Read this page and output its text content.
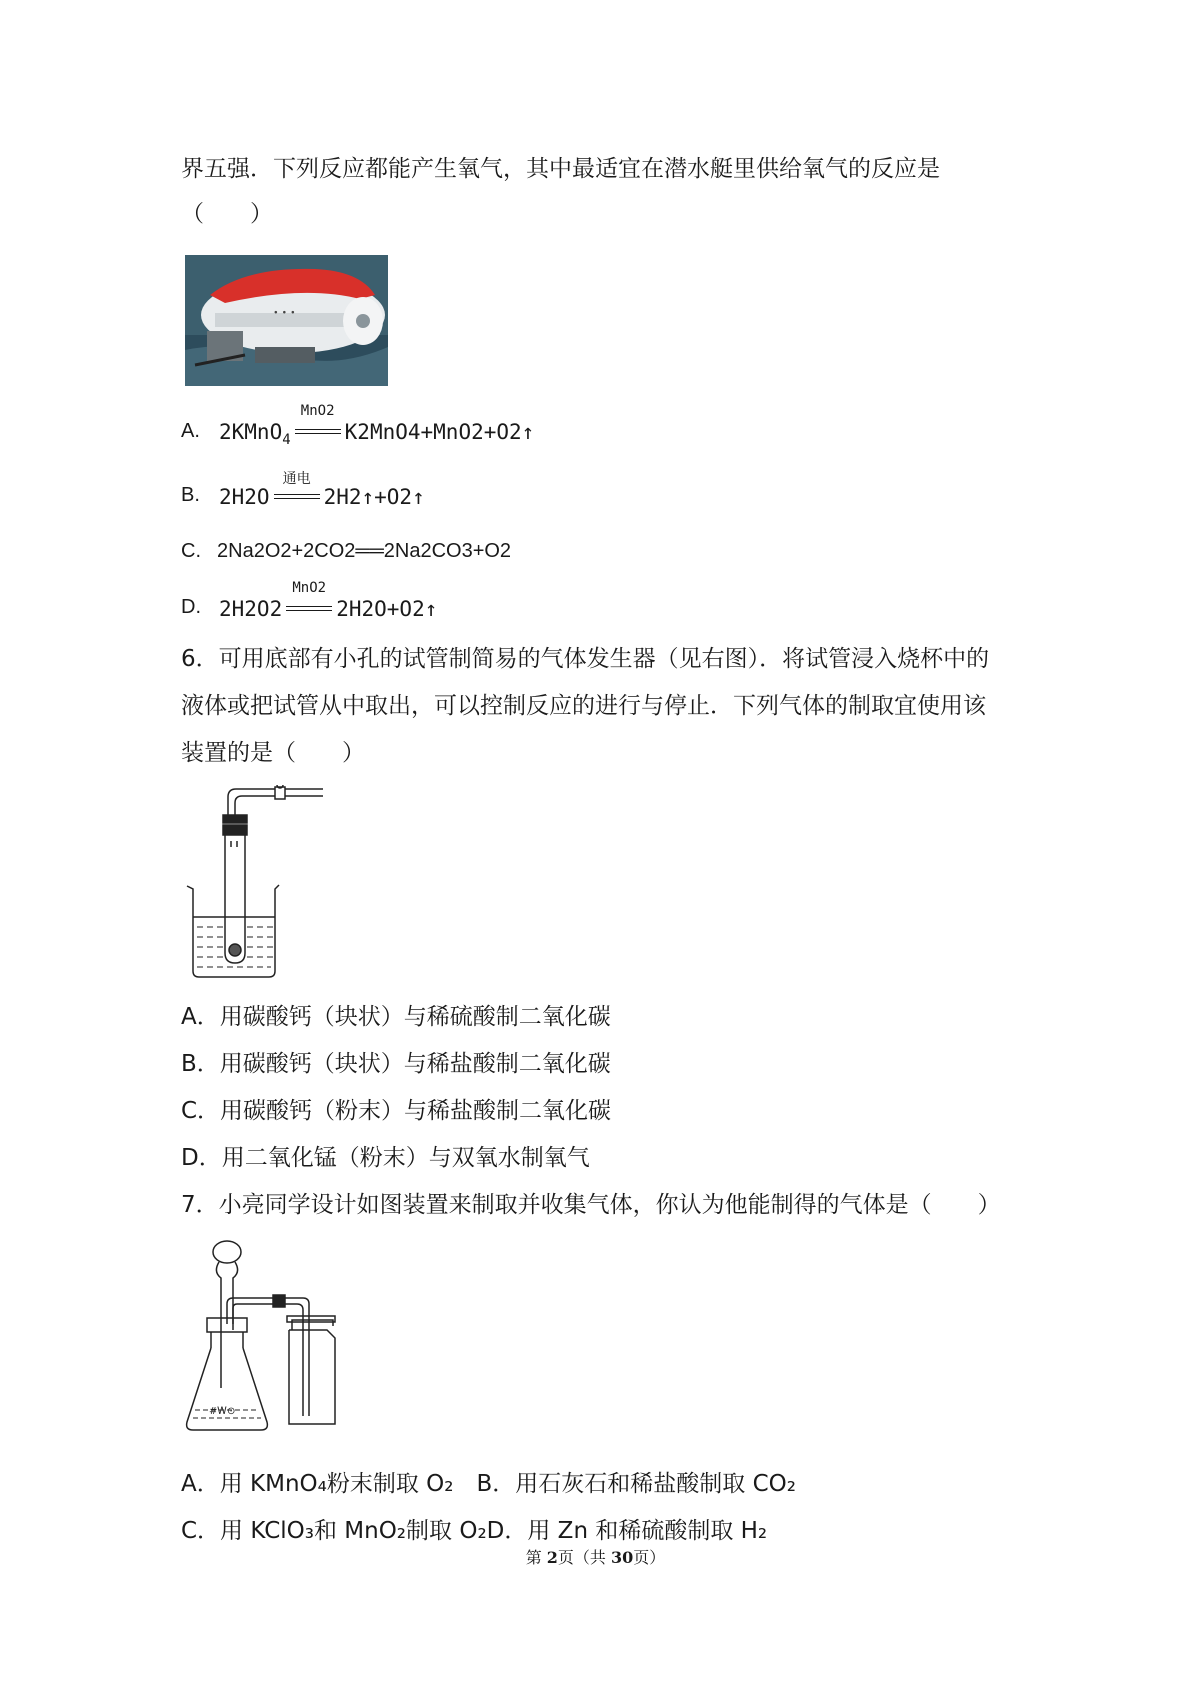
界五强．下列反应都能产生氧气，其中最适宜在潜水艇里供给氧气的反应是
（　　）
∙ ∙ ∙
A. 2KMnO$_4$
MnO2
K2MnO4+MnO2+O2↑
B. 2H2O
通电
2H2↑+O2↑
C. 2Na2O2+2CO2══2Na2CO3+O2
D. 2H2O2
MnO2
2H2O+O2↑
6．可用底部有小孔的试管制简易的气体发生器（见右图）．将试管浸入烧杯中的
液体或把试管从中取出，可以控制反应的进行与停止．下列气体的制取宜使用该
装置的是（　　）
A．用碳酸钙（块状）与稀硫酸制二氧化碳
B．用碳酸钙（块状）与稀盐酸制二氧化碳
C．用碳酸钙（粉末）与稀盐酸制二氧化碳
D．用二氧化锰（粉末）与双氧水制氧气
7．小亮同学设计如图装置来制取并收集气体，你认为他能制得的气体是（　　）
#Ꮃ⊙
A．用 KMnO₄粉末制取 O₂　B．用石灰石和稀盐酸制取 CO₂
C．用 KClO₃和 MnO₂制取 O₂D．用 Zn 和稀硫酸制取 H₂
第 2页（共 30页）
